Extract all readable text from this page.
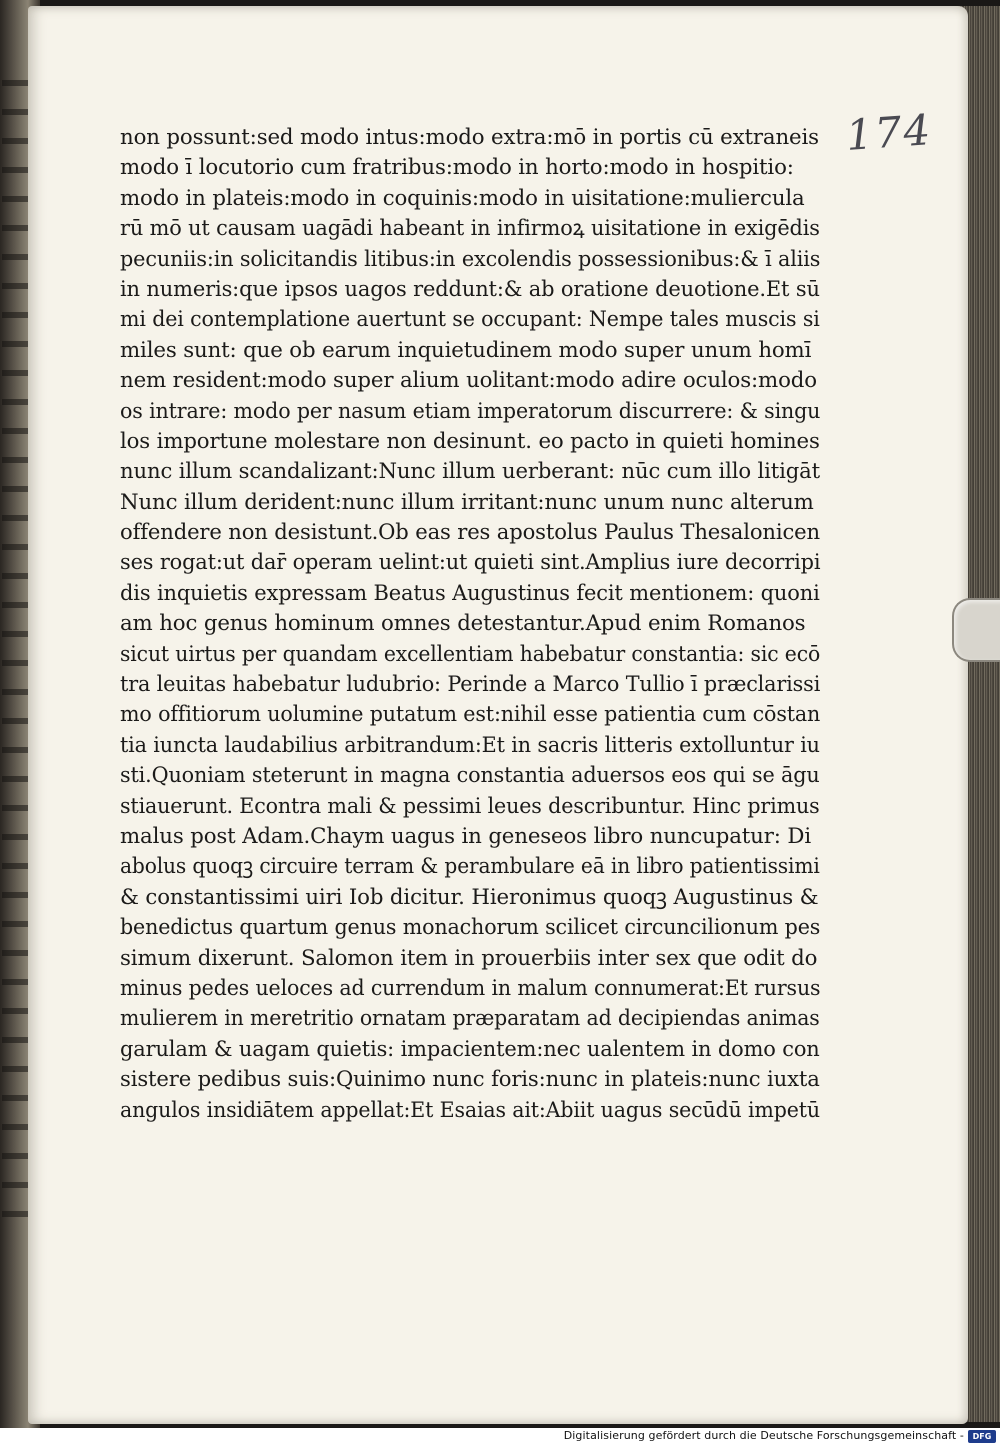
174
non possunt:sed modo intus:modo extra:mō in portis cū extraneis
modo ī locutorio cum fratribus:modo in horto:modo in hospitio:
modo in plateis:modo in coquinis:modo in uisitatione:muliercula
rū mō ut causam uagādi habeant in infirmoꝝ uisitatione in exigēdis
pecuniis:in solicitandis litibus:in excolendis possessionibus:& ī aliis
in numeris:que ipsos uagos reddunt:& ab oratione deuotione.Et sū
mi dei contemplatione auertunt se occupant: Nempe tales muscis si
miles sunt: que ob earum inquietudinem modo super unum homī
nem resident:modo super alium uolitant:modo adire oculos:modo
os intrare: modo per nasum etiam imperatorum discurrere: & singu
los importune molestare non desinunt. eo pacto in quieti homines
nunc illum scandalizant:Nunc illum uerberant: nūc cum illo litigāt
Nunc illum derident:nunc illum irritant:nunc unum nunc alterum
offendere non desistunt.Ob eas res apostolus Paulus Thesalonicen
ses rogat:ut dar̄ operam uelint:ut quieti sint.Amplius iure decorripi
dis inquietis expressam Beatus Augustinus fecit mentionem: quoni
am hoc genus hominum omnes detestantur.Apud enim Romanos
sicut uirtus per quandam excellentiam habebatur constantia: sic ecō
tra leuitas habebatur ludubrio: Perinde a Marco Tullio ī præclarissi
mo offitiorum uolumine putatum est:nihil esse patientia cum cōstan
tia iuncta laudabilius arbitrandum:Et in sacris litteris extolluntur iu
sti.Quoniam steterunt in magna constantia aduersos eos qui se āgu
stiauerunt. Econtra mali & pessimi leues describuntur. Hinc primus
malus post Adam.Chaym uagus in geneseos libro nuncupatur: Di
abolus quoqꝫ circuire terram & perambulare eā in libro patientissimi
& constantissimi uiri Iob dicitur. Hieronimus quoqꝫ Augustinus &
benedictus quartum genus monachorum scilicet circuncilionum pes
simum dixerunt. Salomon item in prouerbiis inter sex que odit do
minus pedes ueloces ad currendum in malum connumerat:Et rursus
mulierem in meretritio ornatam præparatam ad decipiendas animas
garulam & uagam quietis: impacientem:nec ualentem in domo con
sistere pedibus suis:Quinimo nunc foris:nunc in plateis:nunc iuxta
angulos insidiātem appellat:Et Esaias ait:Abiit uagus secūdū impetū
Digitalisierung gefördert durch die Deutsche Forschungsgemeinschaft -	DFG
